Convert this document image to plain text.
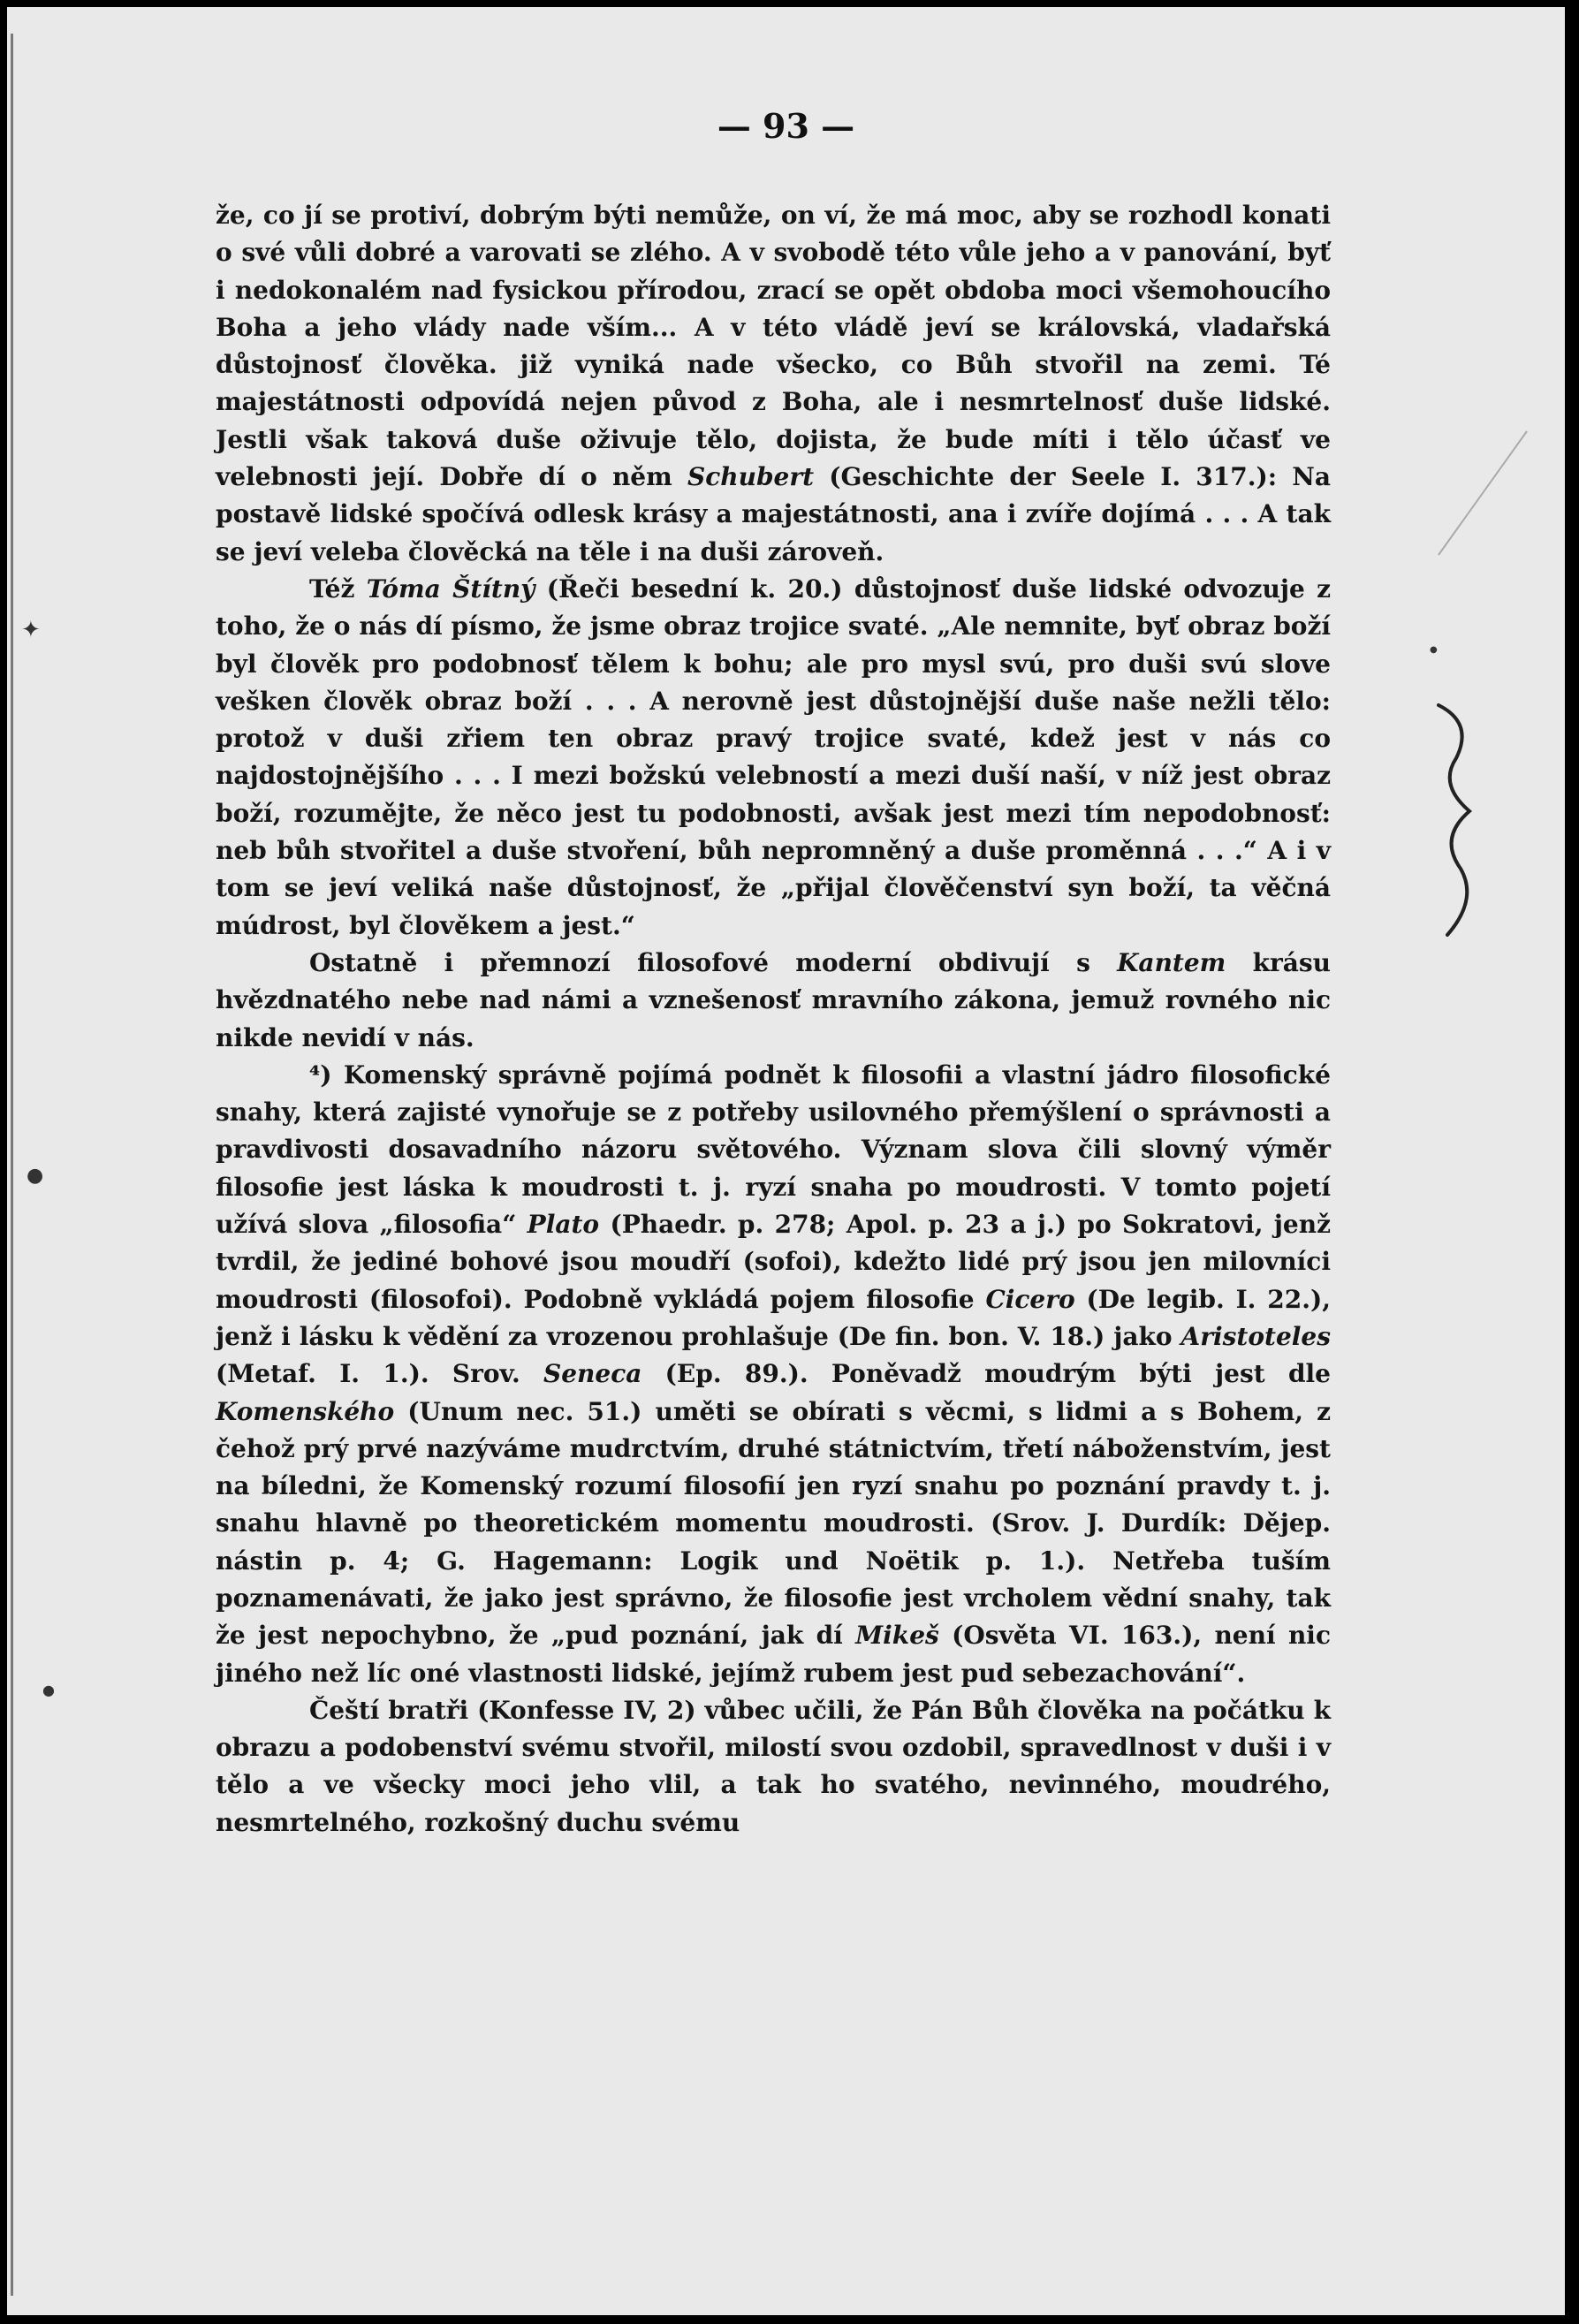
— 93 —

že, co jí se protiví, dobrým býti nemůže, on ví, že má moc, aby se rozhodl konati o své vůli dobré a varovati se zlého. A v svobodě této vůle jeho a v panování, byť i nedokonalém nad fysickou přírodou, zrací se opět obdoba moci všemohoucího Boha a jeho vlády nade vším... A v této vládě jeví se královská, vladařská důstojnosť člověka. již vyniká nade všecko, co Bůh stvořil na zemi. Té majestátnosti odpovídá nejen původ z Boha, ale i nesmrtelnosť duše lidské. Jestli však taková duše oživuje tělo, dojista, že bude míti i tělo účasť ve velebnosti její. Dobře dí o něm Schubert (Geschichte der Seele I. 317.): Na postavě lidské spočívá odlesk krásy a majestátnosti, ana i zvíře dojímá . . . A tak se jeví veleba člověcká na těle i na duši zároveň.

Též Tóma Štítný (Řeči besední k. 20.) důstojnosť duše lidské odvozuje z toho, že o nás dí písmo, že jsme obraz trojice svaté. „Ale nemnite, byť obraz boží byl člověk pro podobnosť tělem k bohu; ale pro mysl svú, pro duši svú slove vešken člověk obraz boží . . . A nerovně jest důstojnější duše naše nežli tělo: protož v duši zřiem ten obraz pravý trojice svaté, kdež jest v nás co najdostojnějšího . . . I mezi božskú velebností a mezi duší naší, v níž jest obraz boží, rozumějte, že něco jest tu podobnosti, avšak jest mezi tím nepodobnosť: neb bůh stvořitel a duše stvoření, bůh nepromněný a duše proměnná . . .“ A i v tom se jeví veliká naše důstojnosť, že „přijal člověčenství syn boží, ta věčná múdrost, byl člověkem a jest.“

Ostatně i přemnozí filosofové moderní obdivují s Kantem krásu hvězdnatého nebe nad námi a vznešenosť mravního zákona, jemuž rovného nic nikde nevidí v nás.

⁴) Komenský správně pojímá podnět k filosofii a vlastní jádro filosofické snahy, která zajisté vynořuje se z potřeby usilovného přemýšlení o správnosti a pravdivosti dosavadního názoru světového. Význam slova čili slovný výměr filosofie jest láska k moudrosti t. j. ryzí snaha po moudrosti. V tomto pojetí užívá slova „filosofia“ Plato (Phaedr. p. 278; Apol. p. 23 a j.) po Sokratovi, jenž tvrdil, že jediné bohové jsou moudří (sofoi), kdežto lidé prý jsou jen milovníci moudrosti (filosofoi). Podobně vykládá pojem filosofie Cicero (De legib. I. 22.), jenž i lásku k vědění za vrozenou prohlašuje (De fin. bon. V. 18.) jako Aristoteles (Metaf. I. 1.). Srov. Seneca (Ep. 89.). Poněvadž moudrým býti jest dle Komenského (Unum nec. 51.) uměti se obírati s věcmi, s lidmi a s Bohem, z čehož prý prvé nazýváme mudrctvím, druhé státnictvím, třetí náboženstvím, jest na bíledni, že Komenský rozumí filosofií jen ryzí snahu po poznání pravdy t. j. snahu hlavně po theoretickém momentu moudrosti. (Srov. J. Durdík: Dějep. nástin p. 4; G. Hagemann: Logik und Noëtik p. 1.). Netřeba tuším poznamenávati, že jako jest správno, že filosofie jest vrcholem vědní snahy, tak že jest nepochybno, že „pud poznání, jak dí Mikeš (Osvěta VI. 163.), není nic jiného než líc oné vlastnosti lidské, jejímž rubem jest pud sebezachování“.

Čeští bratři (Konfesse IV, 2) vůbec učili, že Pán Bůh člověka na počátku k obrazu a podobenství svému stvořil, milostí svou ozdobil, spravedlnost v duši i v tělo a ve všecky moci jeho vlil, a tak ho svatého, nevinného, moudrého, nesmrtelného, rozkošný duchu svému

✦
●
●
●
